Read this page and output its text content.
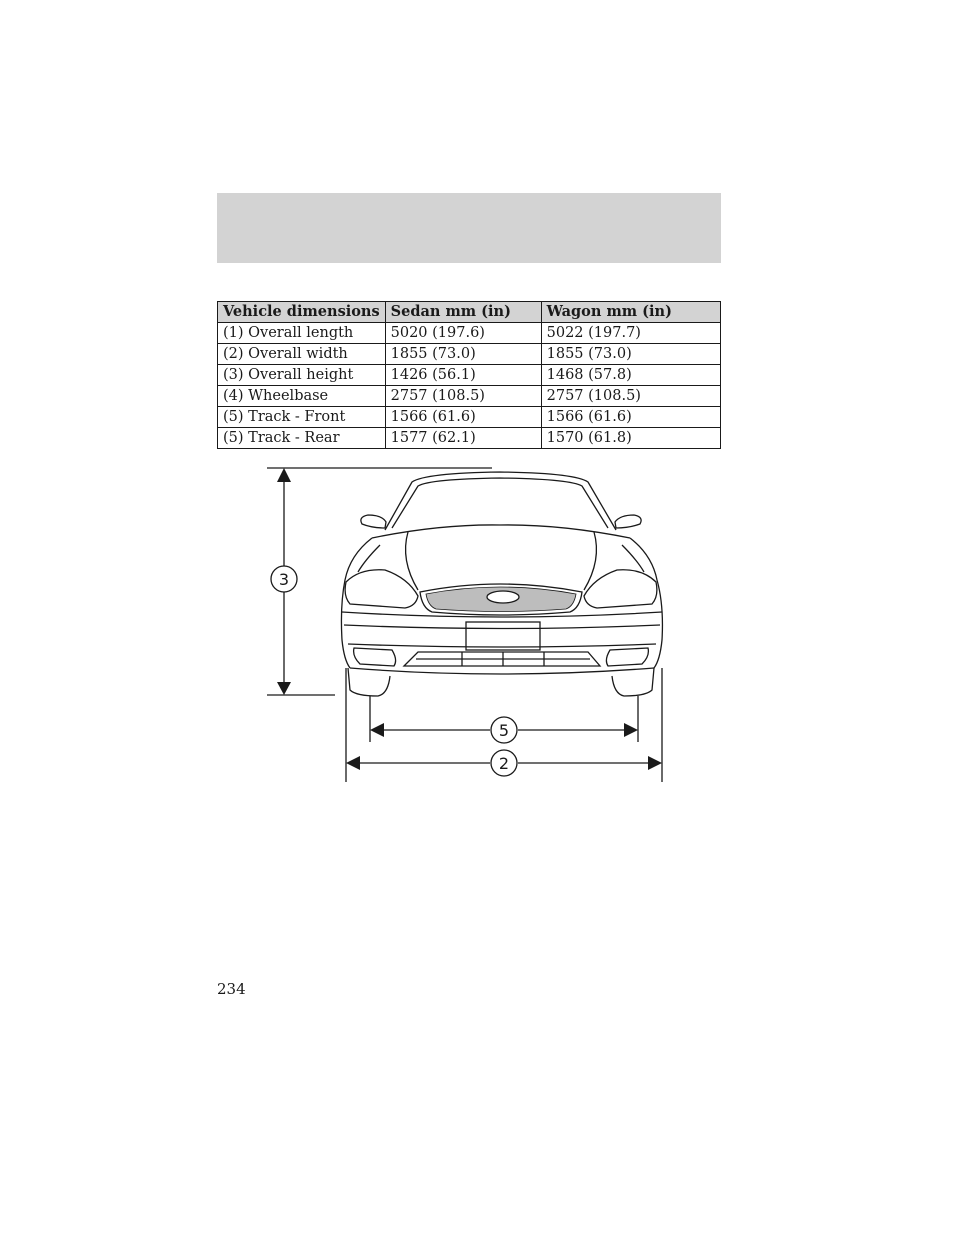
Vehicle dimensions	Sedan mm (in)	Wagon mm (in)
(1) Overall length	5020 (197.6)	5022 (197.7)
(2) Overall width	1855 (73.0)	1855 (73.0)
(3) Overall height	1426 (56.1)	1468 (57.8)
(4) Wheelbase	2757 (108.5)	2757 (108.5)
(5) Track - Front	1566 (61.6)	1566 (61.6)
(5) Track - Rear	1577 (62.1)	1570 (61.8)
3
5
2
234
